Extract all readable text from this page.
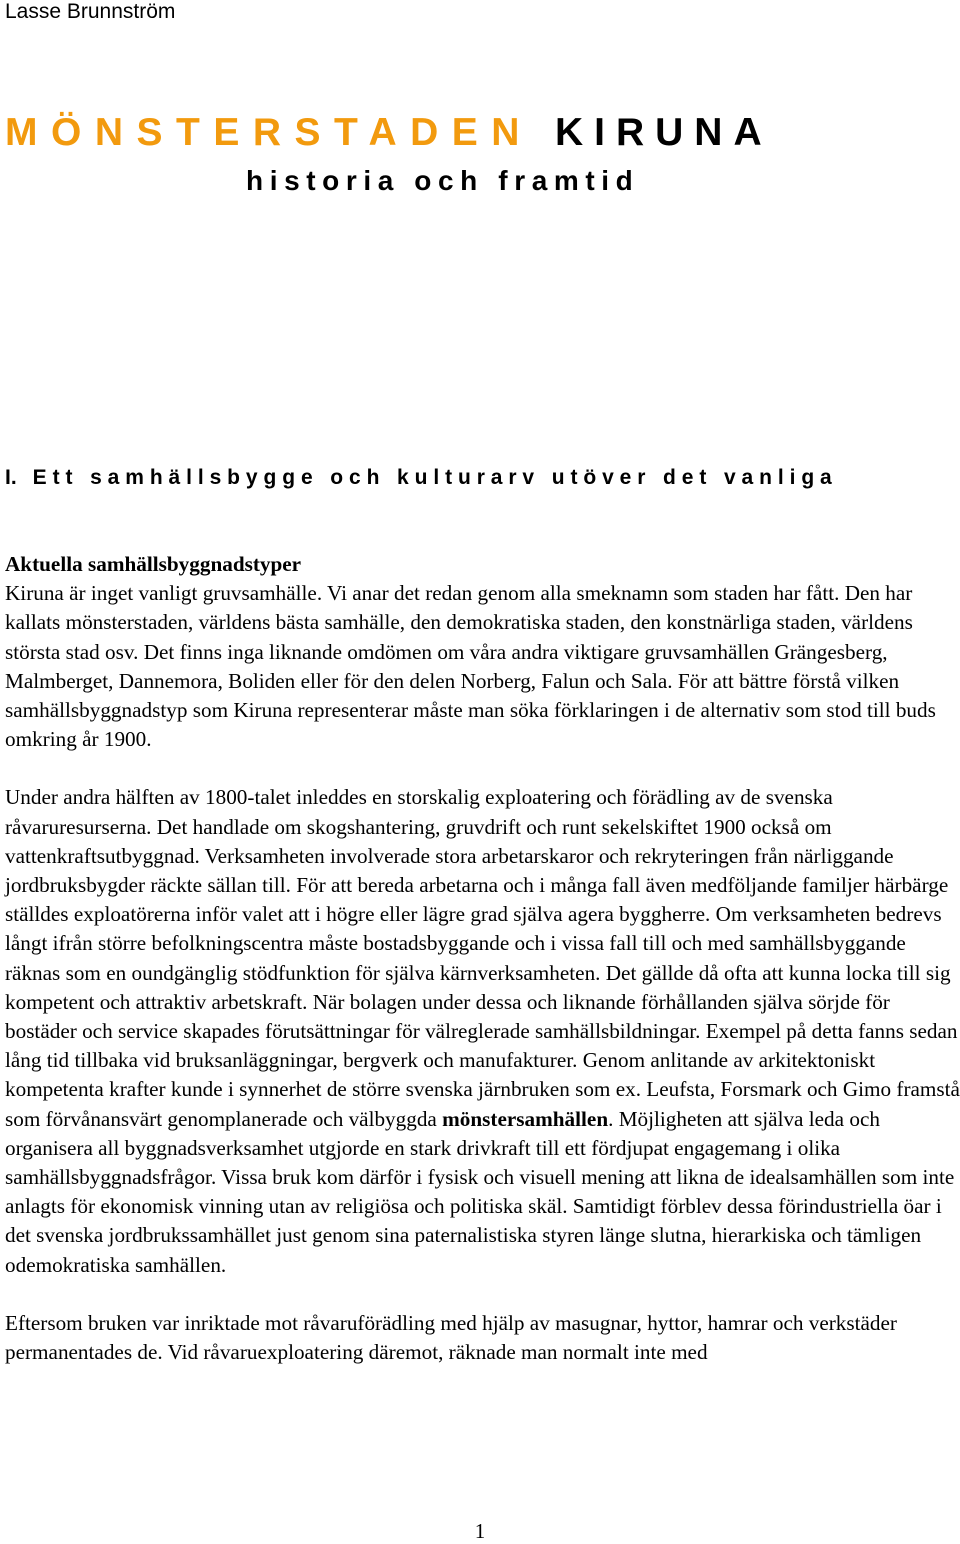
Lasse Brunnström

MÖNSTERSTADEN KIRUNA
historia och framtid
I. Ett samhällsbygge och kulturarv utöver det vanliga
Aktuella samhällsbyggnadstyper

Kiruna är inget vanligt gruvsamhälle. Vi anar det redan genom alla smeknamn som staden har fått. Den har kallats mönsterstaden, världens bästa samhälle, den demokratiska staden, den konstnärliga staden, världens största stad osv. Det finns inga liknande omdömen om våra andra viktigare gruvsamhällen Grängesberg, Malmberget, Dannemora, Boliden eller för den delen Norberg, Falun och Sala. För att bättre förstå vilken samhällsbyggnadstyp som Kiruna representerar måste man söka förklaringen i de alternativ som stod till buds omkring år 1900.

Under andra hälften av 1800-talet inleddes en storskalig exploatering och förädling av de svenska råvaruresurserna. Det handlade om skogshantering, gruvdrift och runt sekelskiftet 1900 också om vattenkraftsutbyggnad. Verksamheten involverade stora arbetarskaror och rekryteringen från närliggande jordbruksbygder räckte sällan till. För att bereda arbetarna och i många fall även medföljande familjer härbärge ställdes exploatörerna inför valet att i högre eller lägre grad själva agera byggherre. Om verksamheten bedrevs långt ifrån större befolkningscentra måste bostadsbyggande och i vissa fall till och med samhällsbyggande räknas som en oundgänglig stödfunktion för själva kärnverksamheten. Det gällde då ofta att kunna locka till sig kompetent och attraktiv arbetskraft. När bolagen under dessa och liknande förhållanden själva sörjde för bostäder och service skapades förutsättningar för välreglerade samhällsbildningar. Exempel på detta fanns sedan lång tid tillbaka vid bruksanläggningar, bergverk och manufakturer. Genom anlitande av arkitektoniskt kompetenta krafter kunde i synnerhet de större svenska järnbruken som ex. Leufsta, Forsmark och Gimo framstå som förvånansvärt genomplanerade och välbyggda mönstersamhällen. Möjligheten att själva leda och organisera all byggnadsverksamhet utgjorde en stark drivkraft till ett fördjupat engagemang i olika samhällsbyggnadsfrågor. Vissa bruk kom därför i fysisk och visuell mening att likna de idealsamhällen som inte anlagts för ekonomisk vinning utan av religiösa och politiska skäl. Samtidigt förblev dessa förindustriella öar i det svenska jordbrukssamhället just genom sina paternalistiska styren länge slutna, hierarkiska och tämligen odemokratiska samhällen.

Eftersom bruken var inriktade mot råvaruförädling med hjälp av masugnar, hyttor, hamrar och verkstäder permanentades de. Vid råvaruexploatering däremot, räknade man normalt inte med

1
